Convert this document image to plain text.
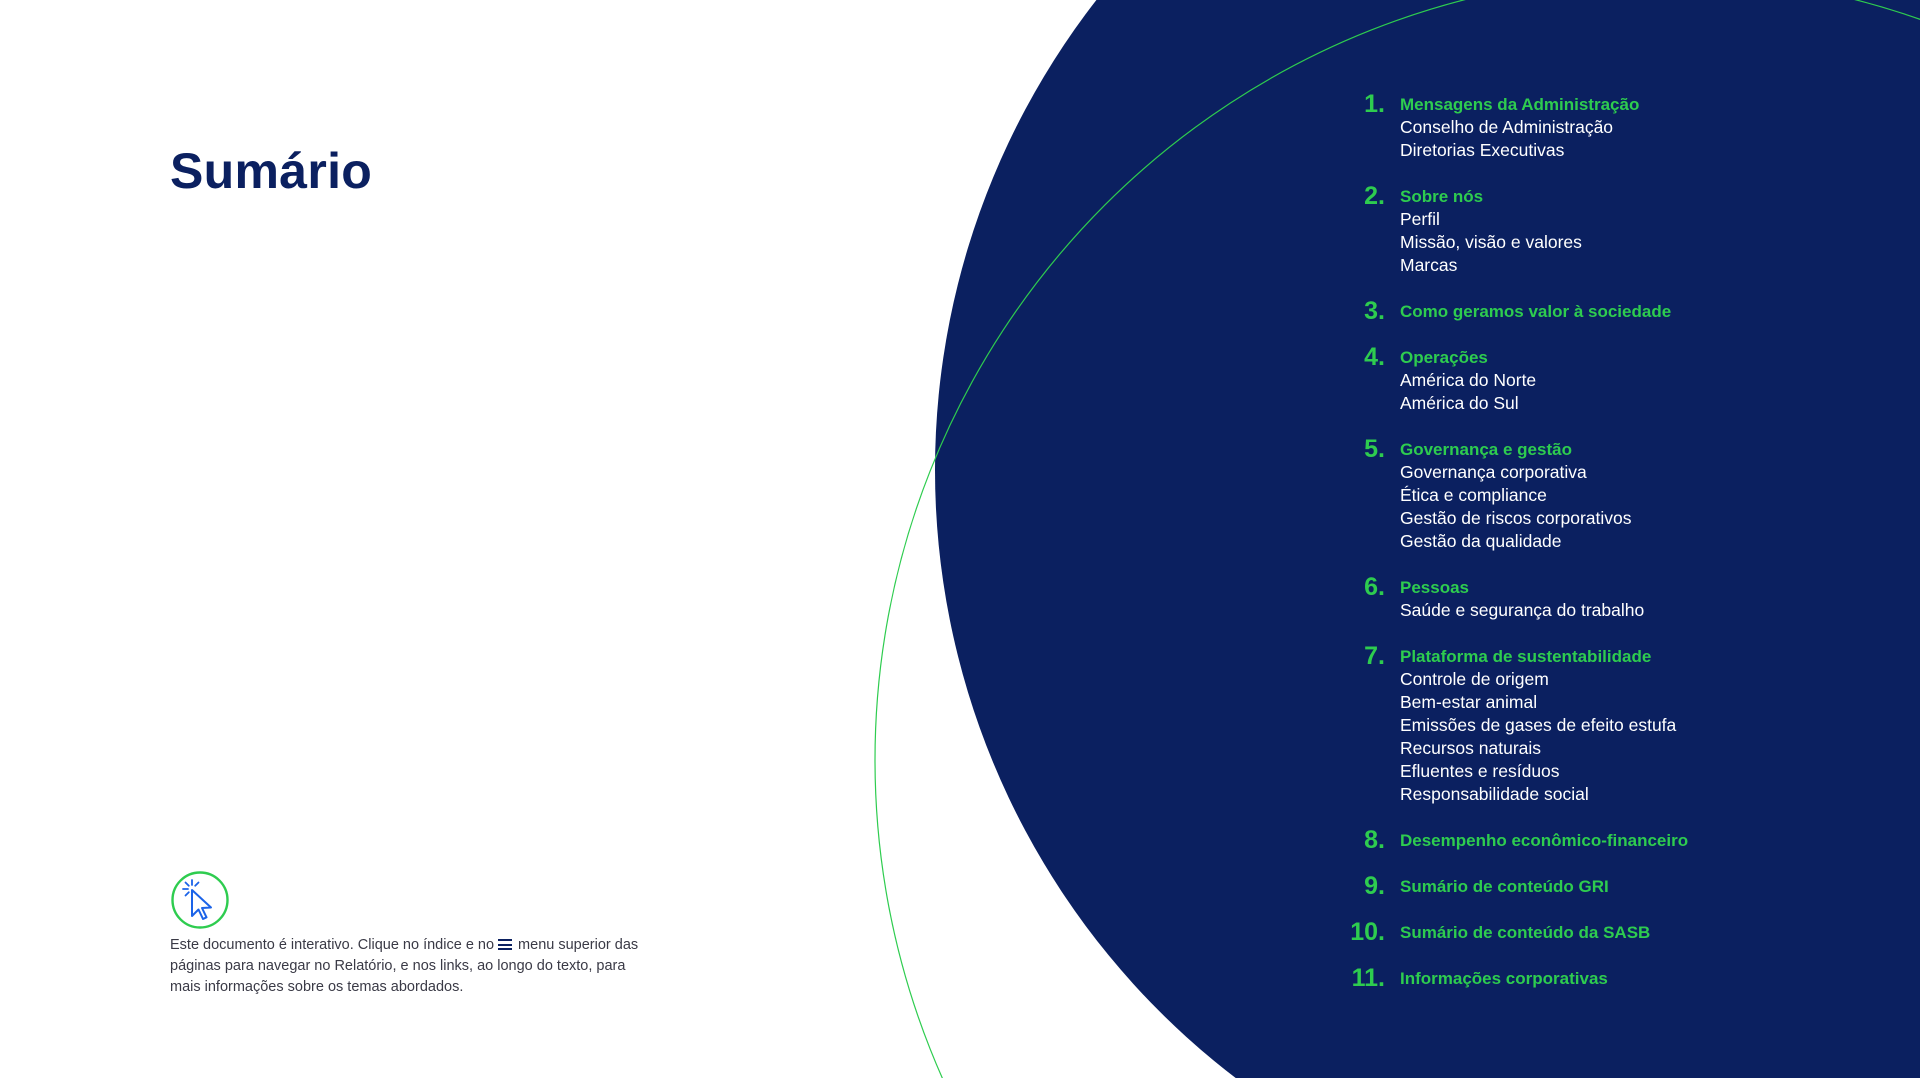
Sumário

Este documento é interativo. Clique no índice e no menu superior das páginas para navegar no Relatório, e nos links, ao longo do texto, para mais informações sobre os temas abordados.

1. Mensagens da Administração
Conselho de Administração
Diretorias Executivas
2. Sobre nós
Perfil
Missão, visão e valores
Marcas
3. Como geramos valor à sociedade
4. Operações
América do Norte
América do Sul
5. Governança e gestão
Governança corporativa
Ética e compliance
Gestão de riscos corporativos
Gestão da qualidade
6. Pessoas
Saúde e segurança do trabalho
7. Plataforma de sustentabilidade
Controle de origem
Bem-estar animal
Emissões de gases de efeito estufa
Recursos naturais
Efluentes e resíduos
Responsabilidade social
8. Desempenho econômico-financeiro
9. Sumário de conteúdo GRI
10. Sumário de conteúdo da SASB
11. Informações corporativas
